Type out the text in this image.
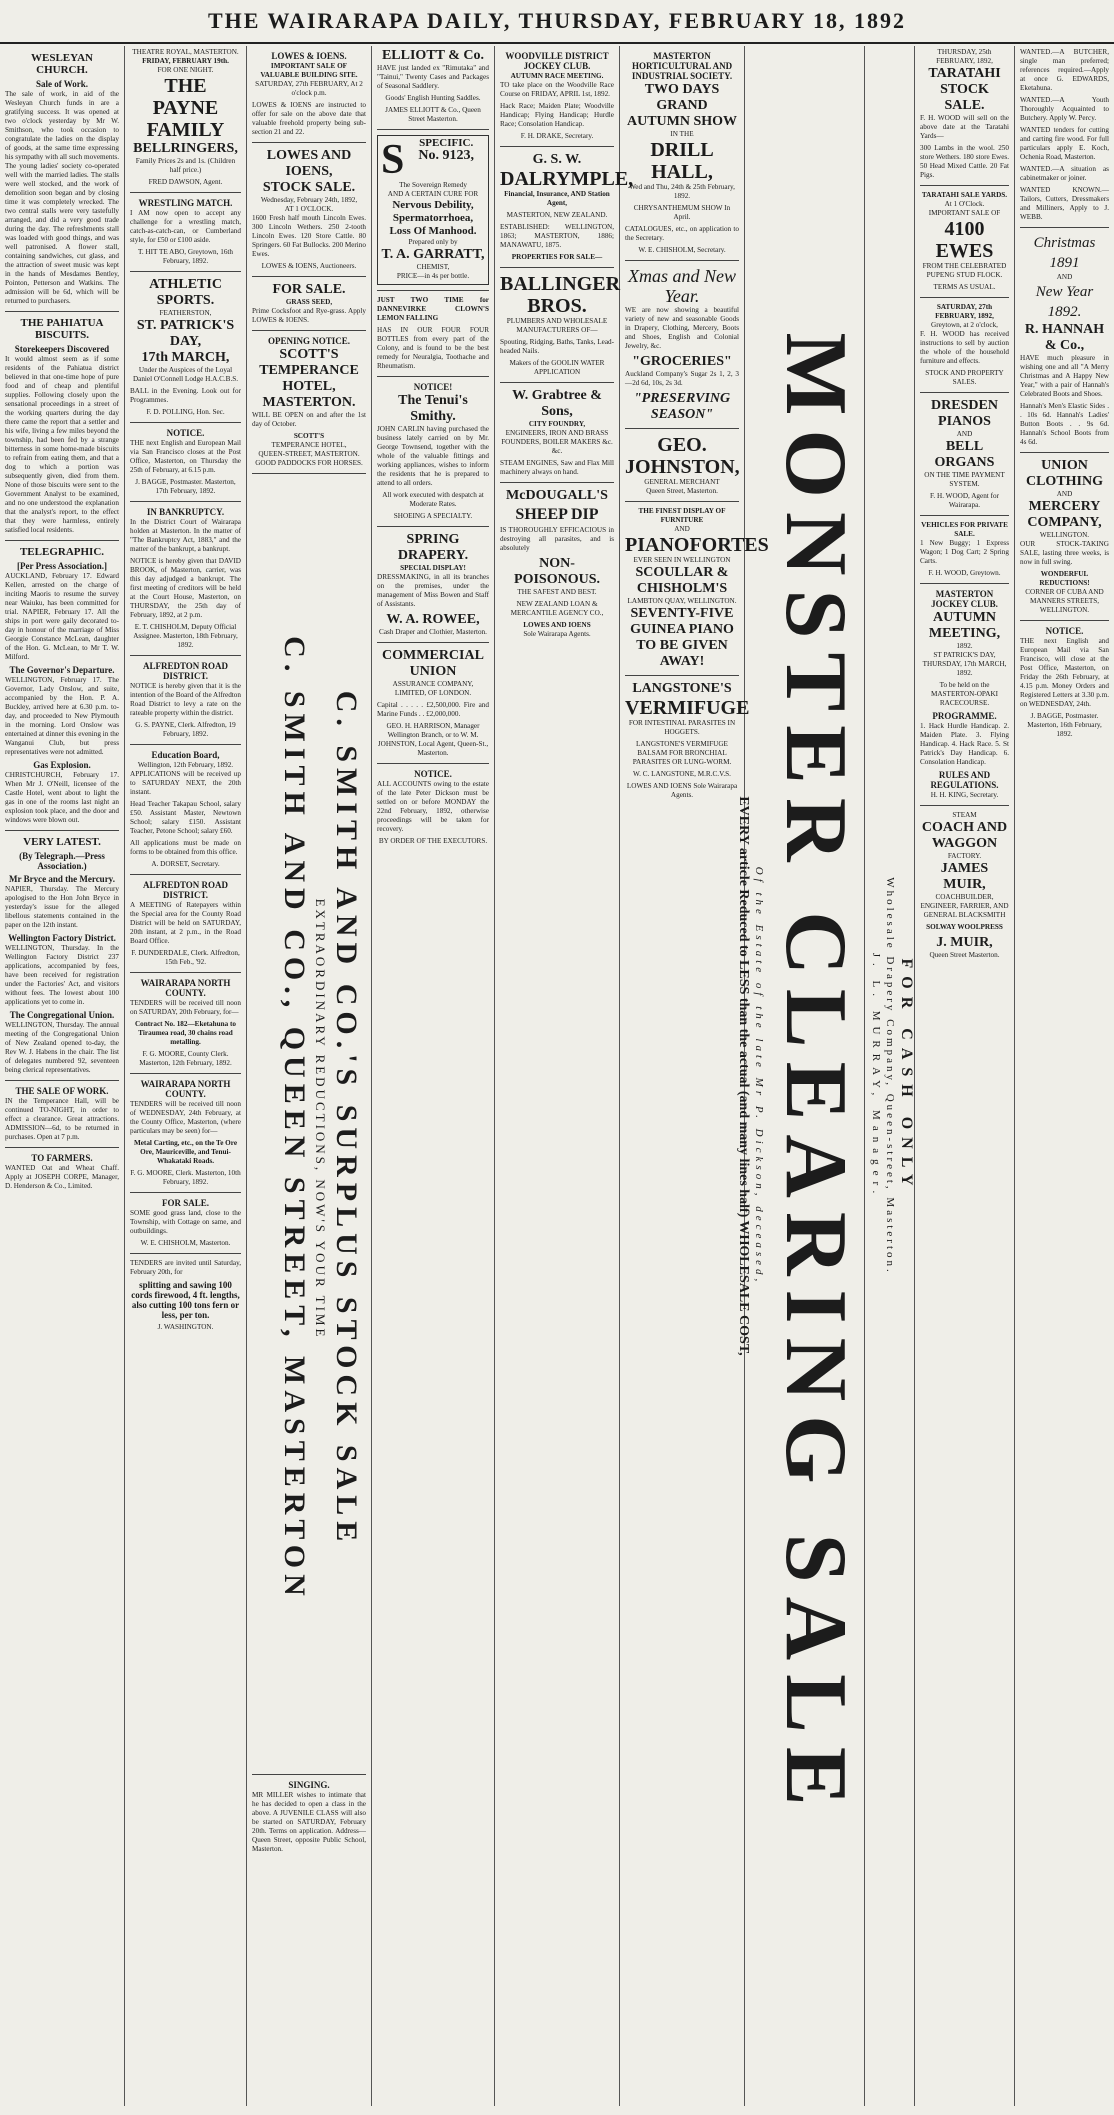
THE WAIRARAPA DAILY, THURSDAY, FEBRUARY 18, 1892
WESLEYAN CHURCH.
Sale of Work.

The sale of work, in aid of the Wesleyan Church funds in are a gratifying success. It was opened at two o'clock yesterday by Mr W. Smithson, who took occasion to congratulate the ladies on the display of goods, at the same time expressing his sympathy with all such movements. The young ladies' society co-operated well with the married ladies. The stalls were well stocked, and the work of demolition soon began and by closing time it was completely wrecked. The two central stalls were very tastefully arranged, and did a very good trade during the day. The refreshments stall was loaded with good things, and was well patronised. A flower stall, containing sandwiches, cut glass, and the attraction of sweet music was kept in the hands of Mesdames Bentley, Pointon, Petterson and Watkins. The admission will be 6d, which will be returned to purchasers.

THE PAHIATUA BISCUITS.
Storekeepers Discovered

It would almost seem as if some residents of the Pahiatua district believed in that one-time hope of pure food and of cheap and plentiful supplies. Following closely upon the sensational proceedings in a street of the working quarters during the day there came the report that a settler and his wife, living a few miles beyond the township, had been fed by a strange bitterness in some home-made biscuits to refrain from eating them, and that a dog to which a portion was subsequently given, died from them. None of those biscuits were sent to the Government Analyst to be examined, and no one understood the explanation that the analyst's report, to the effect that they were harmless, entirely satisfied local residents.

TELEGRAPHIC.
[Per Press Association.]

AUCKLAND, February 17. Edward Kellen, arrested on the charge of inciting Maoris to resume the survey near Waiuku, has been committed for trial. NAPIER, February 17. All the ships in port were gaily decorated to-day in honour of the marriage of Miss Georgie Constance McLean, daughter of the Hon. G. McLean, to Mr T. W. Milford.

The Governor's Departure.

WELLINGTON, February 17. The Governor, Lady Onslow, and suite, accompanied by the Hon. P. A. Buckley, arrived here at 6.30 p.m. to-day, and proceeded to New Plymouth in the morning. Lord Onslow was entertained at dinner this evening in the Wanganui Club, but press representatives were not admitted.

Gas Explosion.

CHRISTCHURCH, February 17. When Mr J. O'Neill, licensee of the Castle Hotel, went about to light the gas in one of the rooms last night an explosion took place, and the door and windows were blown out.

VERY LATEST.
(By Telegraph.—Press Association.)
Mr Bryce and the Mercury.

NAPIER, Thursday. The Mercury apologised to the Hon John Bryce in yesterday's issue for the alleged libellous statements contained in the paper on the 12th instant.

Wellington Factory District.

WELLINGTON, Thursday. In the Wellington Factory District 237 applications, accompanied by fees, have been received for registration under the Factories' Act, and visitors without fees. The lowest about 100 applications yet to come in.

The Congregational Union.

WELLINGTON, Thursday. The annual meeting of the Congregational Union of New Zealand opened to-day, the Rev W. J. Habens in the chair. The list of delegates numbered 92, seventeen being clerical representatives.

THE SALE OF WORK.

IN the Temperance Hall, will be continued TO-NIGHT, in order to effect a clearance. Great attractions. ADMISSION—6d, to be returned in purchases. Open at 7 p.m.

TO FARMERS.

WANTED Oat and Wheat Chaff. Apply at JOSEPH CORPE, Manager, D. Henderson & Co., Limited.

THEATRE ROYAL, MASTERTON.
FRIDAY, FEBRUARY 19th.
FOR ONE NIGHT.
THE PAYNE FAMILY
BELLRINGERS,

Family Prices 2s and 1s. (Children half price.)

FRED DAWSON, Agent.

WRESTLING MATCH.

I AM now open to accept any challenge for a wrestling match, catch-as-catch-can, or Cumberland style, for £50 or £100 aside.

T. HIT TE ABO, Greytown, 16th February, 1892.

ATHLETIC SPORTS.
FEATHERSTON,
ST. PATRICK'S DAY,
17th MARCH,

Under the Auspices of the Loyal Daniel O'Connell Lodge H.A.C.B.S.

BALL in the Evening. Look out for Programmes.

F. D. POLLING, Hon. Sec.

NOTICE.

THE next English and European Mail via San Francisco closes at the Post Office, Masterton, on Thursday the 25th of February, at 6.15 p.m.

J. BAGGE, Postmaster. Masterton, 17th February, 1892.

IN BANKRUPTCY.

In the District Court of Wairarapa holden at Masterton. In the matter of "The Bankruptcy Act, 1883," and the matter of the bankrupt, a bankrupt.

NOTICE is hereby given that DAVID BROOK, of Masterton, carrier, was this day adjudged a bankrupt. The first meeting of creditors will be held at the Court House, Masterton, on THURSDAY, the 25th day of February, 1892, at 2 p.m.

E. T. CHISHOLM, Deputy Official Assignee. Masterton, 18th February, 1892.

ALFREDTON ROAD DISTRICT.

NOTICE is hereby given that it is the intention of the Board of the Alfredton Road District to levy a rate on the rateable property within the district.

G. S. PAYNE, Clerk. Alfredton, 19 February, 1892.

Education Board,
Wellington, 12th February, 1892.

APPLICATIONS will be received up to SATURDAY NEXT, the 20th instant.

Head Teacher Takapau School, salary £50. Assistant Master, Newtown School; salary £150. Assistant Teacher, Petone School; salary £60.

All applications must be made on forms to be obtained from this office.

A. DORSET, Secretary.

ALFREDTON ROAD DISTRICT.

A MEETING of Ratepayers within the Special area for the County Road District will be held on SATURDAY, 20th instant, at 2 p.m., in the Road Board Office.

F. DUNDERDALE, Clerk. Alfredton, 15th Feb., '92.

WAIRARAPA NORTH COUNTY.

TENDERS will be received till noon on SATURDAY, 20th February, for—

Contract No. 182—Eketahuna to Tiraumea road, 30 chains road metalling.

F. G. MOORE, County Clerk. Masterton, 12th February, 1892.

WAIRARAPA NORTH COUNTY.

TENDERS will be received till noon of WEDNESDAY, 24th February, at the County Office, Masterton, (where particulars may be seen) for—

Metal Carting, etc., on the Te Ore Ore, Mauriceville, and Tenui-Whakataki Roads.

F. G. MOORE, Clerk. Masterton, 10th February, 1892.

FOR SALE.

SOME good grass land, close to the Township, with Cottage on same, and outbuildings.

W. E. CHISHOLM, Masterton.

TENDERS are invited until Saturday, February 20th, for

splitting and sawing 100 cords firewood, 4 ft. lengths, also cutting 100 tons fern or less, per ton.

J. WASHINGTON.

LOWES & IOENS.
IMPORTANT SALE OF VALUABLE BUILDING SITE.

SATURDAY, 27th FEBRUARY, At 2 o'clock p.m.

LOWES & IOENS are instructed to offer for sale on the above date that valuable freehold property being sub-section 21 and 22.

LOWES AND IOENS,
STOCK SALE.
Wednesday, February 24th, 1892,
AT 1 O'CLOCK.

1600 Fresh half mouth Lincoln Ewes. 300 Lincoln Wethers. 250 2-tooth Lincoln Ewes. 120 Store Cattle. 80 Springers. 60 Fat Bullocks. 200 Merino Ewes.

LOWES & IOENS, Auctioneers.

FOR SALE.
GRASS SEED,

Prime Cocksfoot and Rye-grass. Apply LOWES & IOENS.

OPENING NOTICE.
SCOTT'S TEMPERANCE HOTEL, MASTERTON.

WILL BE OPEN on and after the 1st day of October.

SCOTT'S
TEMPERANCE HOTEL,
QUEEN-STREET, MASTERTON.
GOOD PADDOCKS FOR HORSES.
C. SMITH AND CO.'S SURPLUS STOCK SALE
EXTRAORDINARY REDUCTIONS, NOW'S YOUR TIME
C. SMITH AND CO., QUEEN STREET, MASTERTON
SINGING.

MR MILLER wishes to intimate that he has decided to open a class in the above. A JUVENILE CLASS will also be started on SATURDAY, February 20th. Terms on application. Address—Queen Street, opposite Public School, Masterton.

ELLIOTT & Co.

HAVE just landed ex "Rimutaka" and "Tainui," Twenty Cases and Packages of Seasonal Saddlery.

Goods' English Hunting Saddles.

JAMES ELLIOTT & Co., Queen Street Masterton.

S	SPECIFIC.
No. 9123,
The Sovereign Remedy
AND A CERTAIN CURE FOR
Nervous Debility, Spermatorrhoea, Loss Of Manhood.
Prepared only by
T. A. GARRATT,
CHEMIST,
PRICE—in 4s per bottle.

JUST TWO TIME for DANNEVIRKE CLOWN'S LEMON FALLING

HAS IN OUR FOUR FOUR BOTTLES from every part of the Colony, and is found to be the best remedy for Neuralgia, Toothache and Rheumatism.

NOTICE!
The Tenui's Smithy.

JOHN CARLIN having purchased the business lately carried on by Mr. George Townsend, together with the whole of the valuable fittings and working appliances, wishes to inform the residents that he is prepared to attend to all orders.

All work executed with despatch at Moderate Rates.

SHOEING A SPECIALTY.

SPRING DRAPERY.
SPECIAL DISPLAY!

DRESSMAKING, in all its branches on the premises, under the management of Miss Bowen and Staff of Assistants.

W. A. ROWEE,

Cash Draper and Clothier, Masterton.

COMMERCIAL UNION

ASSURANCE COMPANY, LIMITED, OF LONDON.

Capital . . . . . £2,500,000. Fire and Marine Funds . . £2,000,000.

GEO. H. HARRISON, Manager Wellington Branch, or to W. M. JOHNSTON, Local Agent, Queen-St., Masterton.

NOTICE.

ALL ACCOUNTS owing to the estate of the late Peter Dickson must be settled on or before MONDAY the 22nd February, 1892, otherwise proceedings will be taken for recovery.

BY ORDER OF THE EXECUTORS.

WOODVILLE DISTRICT JOCKEY CLUB.
AUTUMN RACE MEETING.

TO take place on the Woodville Race Course on FRIDAY, APRIL 1st, 1892.

Hack Race; Maiden Plate; Woodville Handicap; Flying Handicap; Hurdle Race; Consolation Handicap.

F. H. DRAKE, Secretary.

G. S. W.
DALRYMPLE,

Financial, Insurance, AND Station Agent,

MASTERTON, NEW ZEALAND.

ESTABLISHED: WELLINGTON, 1863; MASTERTON, 1886; MANAWATU, 1875.

PROPERTIES FOR SALE—

BALLINGER BROS.

PLUMBERS AND WHOLESALE MANUFACTURERS OF—

Spouting, Ridging, Baths, Tanks, Lead-headed Nails.

Makers of the GOOLIN WATER APPLICATION

W. Grabtree & Sons,
CITY FOUNDRY,

ENGINEERS, IRON AND BRASS FOUNDERS, BOILER MAKERS &c. &c.

STEAM ENGINES, Saw and Flax Mill machinery always on hand.

McDOUGALL'S
SHEEP DIP

IS THOROUGHLY EFFICACIOUS in destroying all parasites, and is absolutely

NON-POISONOUS.

THE SAFEST AND BEST.

NEW ZEALAND LOAN & MERCANTILE AGENCY CO.,

LOWES AND IOENS
Sole Wairarapa Agents.
MASTERTON HORTICULTURAL AND INDUSTRIAL SOCIETY.
TWO DAYS
GRAND AUTUMN SHOW
IN THE
DRILL HALL,

Wed and Thu, 24th & 25th February, 1892.

CHRYSANTHEMUM SHOW In April.

CATALOGUES, etc., on application to the Secretary.

W. E. CHISHOLM, Secretary.

Xmas and New Year.

WE are now showing a beautiful variety of new and seasonable Goods in Drapery, Clothing, Mercery, Boots and Shoes, English and Colonial Jewelry, &c.

"GROCERIES"

Auckland Company's Sugar 2s 1, 2, 3—2d 6d, 10s, 2s 3d.

"PRESERVING SEASON"
GEO. JOHNSTON,
GENERAL MERCHANT
Queen Street, Masterton.
THE FINEST DISPLAY OF FURNITURE
AND
PIANOFORTES
EVER SEEN IN WELLINGTON
SCOULLAR & CHISHOLM'S
LAMBTON QUAY, WELLINGTON.
SEVENTY-FIVE GUINEA PIANO
TO BE GIVEN AWAY!
LANGSTONE'S
VERMIFUGE

FOR INTESTINAL PARASITES IN HOGGETS.

LANGSTONE'S VERMIFUGE BALSAM FOR BRONCHIAL PARASITES OR LUNG-WORM.

W. C. LANGSTONE, M.R.C.V.S.

LOWES AND IOENS Sole Wairarapa Agents. MONSTER CLEARING SALE
Of the Estate of the late Mr P. Dickson, deceased,
EVERY article Reduced to LESS than the actual (and many lines half) WHOLESALE COST,	FOR CASH ONLY
Wholesale Drapery Company, Queen-street, Masterton.
J. L. MURRAY, Manager.
THURSDAY, 25th FEBRUARY, 1892,
TARATAHI STOCK SALE.

F. H. WOOD will sell on the above date at the Taratahi Yards—

300 Lambs in the wool. 250 store Wethers. 180 store Ewes. 50 Head Mixed Cattle. 20 Fat Pigs.

TARATAHI SALE YARDS.
At 1 O'Clock.
IMPORTANT SALE OF
4100 EWES

FROM THE CELEBRATED PUPENG STUD FLOCK.

TERMS AS USUAL.

SATURDAY, 27th FEBRUARY, 1892,
Greytown, at 2 o'clock,

F. H. WOOD has received instructions to sell by auction the whole of the household furniture and effects.

STOCK AND PROPERTY SALES.

DRESDEN PIANOS
AND
BELL ORGANS

ON THE TIME PAYMENT SYSTEM.

F. H. WOOD, Agent for Wairarapa.

VEHICLES FOR PRIVATE SALE.

1 New Buggy; 1 Express Wagon; 1 Dog Cart; 2 Spring Carts.

F. H. WOOD, Greytown.

MASTERTON JOCKEY CLUB.
AUTUMN MEETING,
1892.

ST PATRICK'S DAY, THURSDAY, 17th MARCH, 1892.

To be held on the MASTERTON-OPAKI RACECOURSE.

PROGRAMME.

1. Hack Hurdle Handicap. 2. Maiden Plate. 3. Flying Handicap. 4. Hack Race. 5. St Patrick's Day Handicap. 6. Consolation Handicap.

RULES AND REGULATIONS.

H. H. KING, Secretary.

STEAM
COACH AND WAGGON
FACTORY.
JAMES MUIR,

COACHBUILDER, ENGINEER, FARRIER, AND GENERAL BLACKSMITH

SOLWAY WOOLPRESS

J. MUIR,
Queen Street Masterton.

WANTED.—A BUTCHER, single man preferred; references required.—Apply at once G. EDWARDS, Eketahuna.

WANTED.—A Youth Thoroughly Acquainted to Butchery. Apply W. Percy.

WANTED tenders for cutting and carting fire wood. For full particulars apply E. Koch, Ochenia Road, Masterton.

WANTED.—A situation as cabinetmaker or joiner.

WANTED KNOWN.—Tailors, Cutters, Dressmakers and Milliners, Apply to J. WEBB.

Christmas 1891
AND
New Year 1892.
R. HANNAH & Co.,

HAVE much pleasure in wishing one and all "A Merry Christmas and A Happy New Year," with a pair of Hannah's Celebrated Boots and Shoes.

Hannah's Men's Elastic Sides . . 10s 6d. Hannah's Ladies' Button Boots . . 9s 6d. Hannah's School Boots from 4s 6d.

UNION CLOTHING
AND
MERCERY COMPANY,
WELLINGTON.

OUR STOCK-TAKING SALE, lasting three weeks, is now in full swing.

WONDERFUL REDUCTIONS!

CORNER OF CUBA AND MANNERS STREETS, WELLINGTON.

NOTICE.

THE next English and European Mail via San Francisco, will close at the Post Office, Masterton, on Friday the 26th February, at 4.15 p.m. Money Orders and Registered Letters at 3.30 p.m. on WEDNESDAY, 24th.

J. BAGGE, Postmaster. Masterton, 16th February, 1892.
